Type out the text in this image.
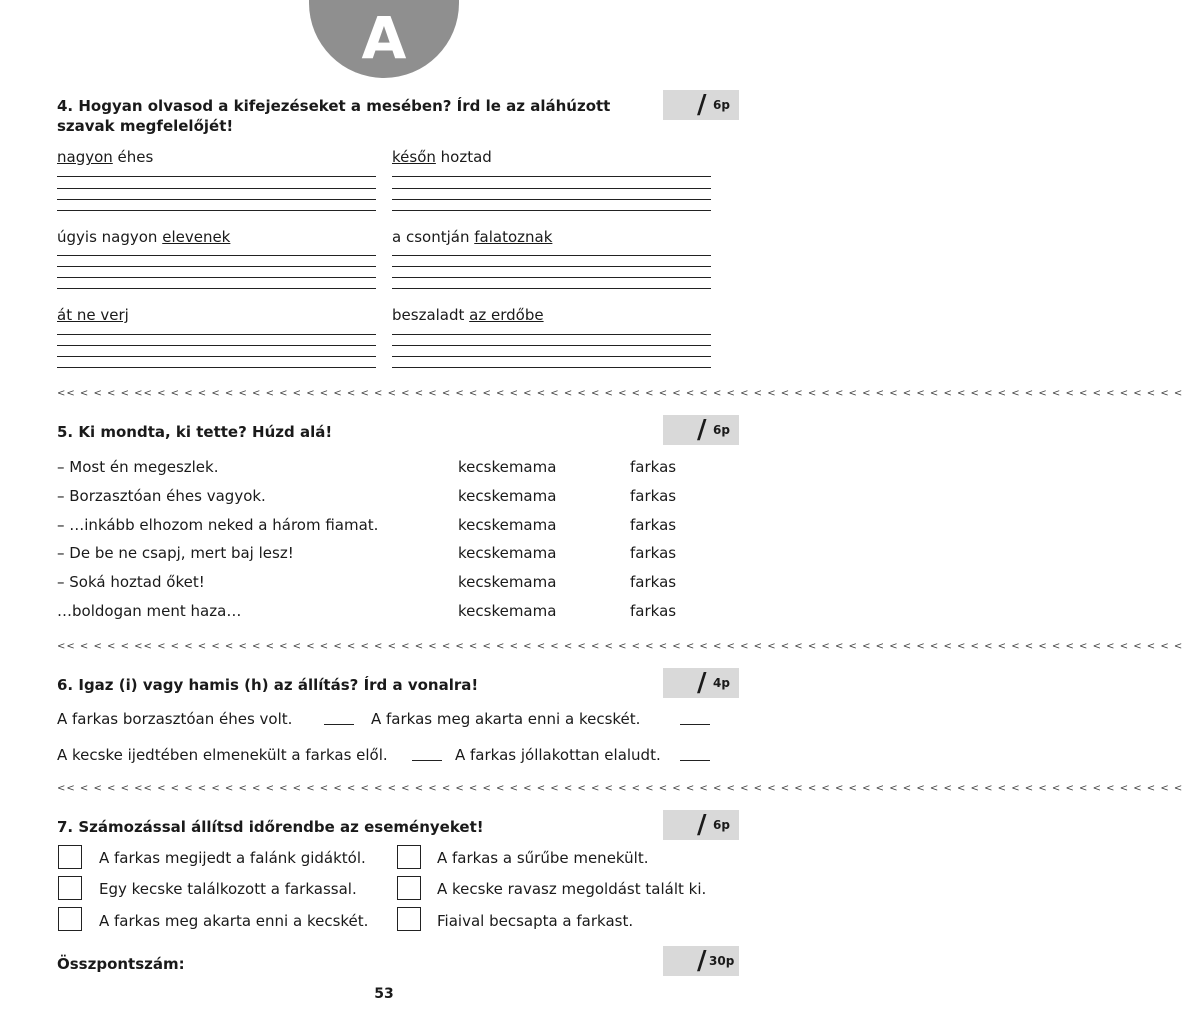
A
4. Hogyan olvasod a kifejezéseket a mesében? Írd le az aláhúzott szavak megfelelőjét!
/ 6p
nagyon éhes	későn hoztad
úgyis nagyon elevenek	a csontján falatoznak
át ne verj	beszaladt az erdőbe
<< < < < < << < < < < < < < < < < < < < < < < < < < < < < < < < < < < < < < < < < < < < < < < < < < < < < < < < < < < < < < < < < < < < < < < < < < < < < < < < < < <
5. Ki mondta, ki tette? Húzd alá!	/ 6p
– Most én megeszlek.	kecskemama	farkas
– Borzasztóan éhes vagyok.	kecskemama	farkas
– …inkább elhozom neked a három fiamat.	kecskemama	farkas
– De be ne csapj, mert baj lesz!	kecskemama	farkas
– Soká hoztad őket!	kecskemama	farkas
…boldogan ment haza…	kecskemama	farkas
<< < < < < << < < < < < < < < < < < < < < < < < < < < < < < < < < < < < < < < < < < < < < < < < < < < < < < < < < < < < < < < < < < < < < < < < < < < < < < < < < < <
6. Igaz (i) vagy hamis (h) az állítás? Írd a vonalra!	/ 4p
A farkas borzasztóan éhes volt.	A farkas meg akarta enni a kecskét.
A kecske ijedtében elmenekült a farkas elől.	A farkas jóllakottan elaludt.
<< < < < < << < < < < < < < < < < < < < < < < < < < < < < < < < < < < < < < < < < < < < < < < < < < < < < < < < < < < < < < < < < < < < < < < < < < < < < < < < < < <
7. Számozással állítsd időrendbe az eseményeket!	/ 6p
A farkas megijedt a falánk gidáktól.	A farkas a sűrűbe menekült.
Egy kecske találkozott a farkassal.	A kecske ravasz megoldást talált ki.
A farkas meg akarta enni a kecskét.	Fiaival becsapta a farkast.
Összpontszám:	/ 30p
53
